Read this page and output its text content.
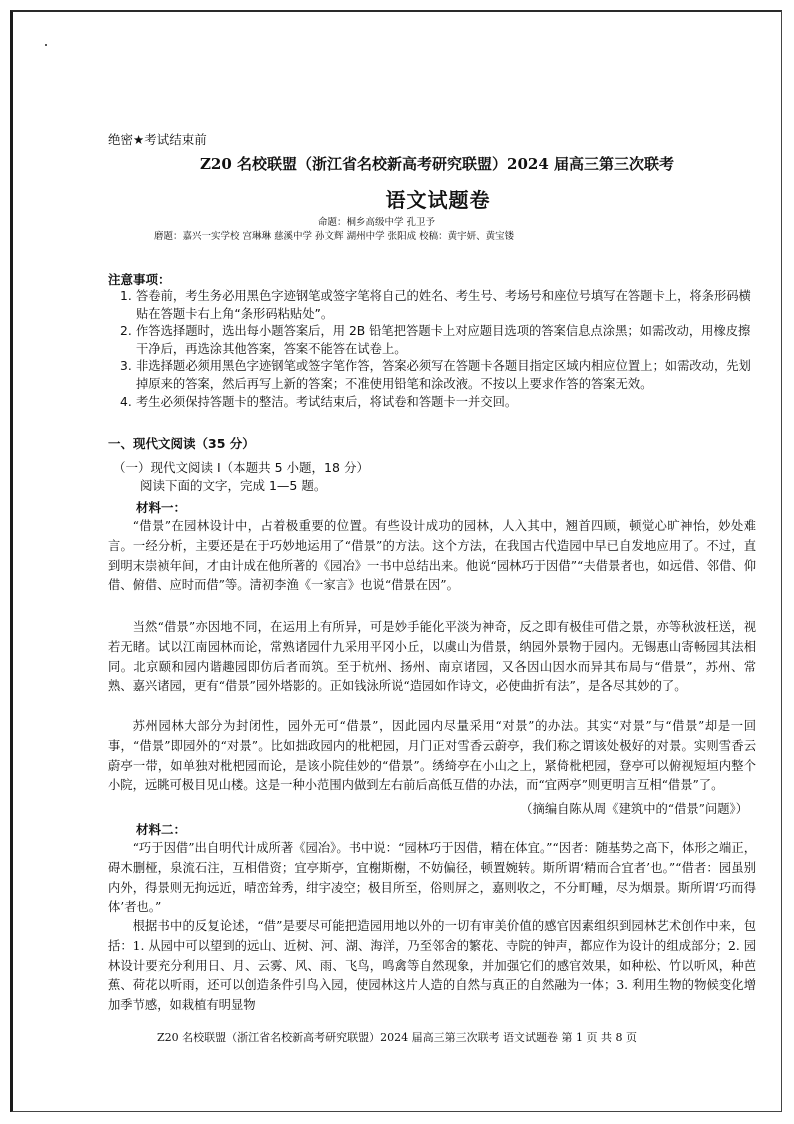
绝密★考试结束前
Z20 名校联盟（浙江省名校新高考研究联盟）2024 届高三第三次联考
语文试题卷
命题：桐乡高级中学 孔卫予
磨题：嘉兴一实学校 宫琳琳 慈溪中学 孙文辉 湖州中学 张阳成 校稿：黄宇妍、黄宝镂
注意事项：
1. 答卷前，考生务必用黑色字迹钢笔或签字笔将自己的姓名、考生号、考场号和座位号填写在答题卡上，将条形码横贴在答题卡右上角“条形码粘贴处”。
2. 作答选择题时，选出每小题答案后，用 2B 铅笔把答题卡上对应题目选项的答案信息点涂黑；如需改动，用橡皮擦干净后，再选涂其他答案，答案不能答在试卷上。
3. 非选择题必须用黑色字迹钢笔或签字笔作答，答案必须写在答题卡各题目指定区域内相应位置上；如需改动，先划掉原来的答案，然后再写上新的答案；不准使用铅笔和涂改液。不按以上要求作答的答案无效。
4. 考生必须保持答题卡的整洁。考试结束后，将试卷和答题卡一并交回。
一、现代文阅读（35 分）
（一）现代文阅读 I（本题共 5 小题，18 分）
阅读下面的文字，完成 1—5 题。
材料一：
“借景”在园林设计中，占着极重要的位置。有些设计成功的园林，人入其中，翘首四顾，顿觉心旷神怡，妙处难言。一经分析，主要还是在于巧妙地运用了“借景”的方法。这个方法，在我国古代造园中早已自发地应用了。不过，直到明末崇祯年间，才由计成在他所著的《园冶》一书中总结出来。他说“园林巧于因借”“夫借景者也，如远借、邻借、仰借、俯借、应时而借”等。清初李渔《一家言》也说“借景在因”。
当然“借景”亦因地不同，在运用上有所异，可是妙手能化平淡为神奇，反之即有极佳可借之景，亦等秋波枉送，视若无睹。试以江南园林而论，常熟诸园什九采用平冈小丘，以虞山为借景，纳园外景物于园内。无锡惠山寄畅园其法相同。北京颐和园内谐趣园即仿后者而筑。至于杭州、扬州、南京诸园，又各因山因水而异其布局与“借景”，苏州、常熟、嘉兴诸园，更有“借景”园外塔影的。正如钱泳所说“造园如作诗文，必使曲折有法”，是各尽其妙的了。
苏州园林大部分为封闭性，园外无可“借景”，因此园内尽量采用“对景”的办法。其实“对景”与“借景”却是一回事，“借景”即园外的“对景”。比如拙政园内的枇杷园，月门正对雪香云蔚亭，我们称之谓该处极好的对景。实则雪香云蔚亭一带，如单独对枇杷园而论，是该小院佳妙的“借景”。绣绮亭在小山之上，紧倚枇杷园，登亭可以俯视短垣内整个小院，远眺可极目见山楼。这是一种小范围内做到左右前后高低互借的办法，而“宜两亭”则更明言互相“借景”了。
（摘编自陈从周《建筑中的“借景”问题》）
材料二：
“巧于因借”出自明代计成所著《园冶》。书中说：“园林巧于因借，精在体宜。”“因者：随基势之高下，体形之端正，碍木删桠，泉流石注，互相借资；宜亭斯亭，宜榭斯榭，不妨偏径，顿置婉转。斯所谓‘精而合宜者’也。”“借者：园虽别内外，得景则无拘远近，晴峦耸秀，绀宇凌空；极目所至，俗则屏之，嘉则收之，不分町畽，尽为烟景。斯所谓‘巧而得体’者也。”
根据书中的反复论述，“借”是要尽可能把造园用地以外的一切有审美价值的感官因素组织到园林艺术创作中来，包括：1. 从园中可以望到的远山、近树、河、湖、海洋，乃至邻舍的繁花、寺院的钟声，都应作为设计的组成部分；2. 园林设计要充分利用日、月、云雾、风、雨、飞鸟，鸣禽等自然现象，并加强它们的感官效果，如种松、竹以听风，种芭蕉、荷花以听雨，还可以创造条件引鸟入园，使园林这片人造的自然与真正的自然融为一体；3. 利用生物的物候变化增加季节感，如栽植有明显物
Z20 名校联盟（浙江省名校新高考研究联盟）2024 届高三第三次联考 语文试题卷 第 1 页 共 8 页
